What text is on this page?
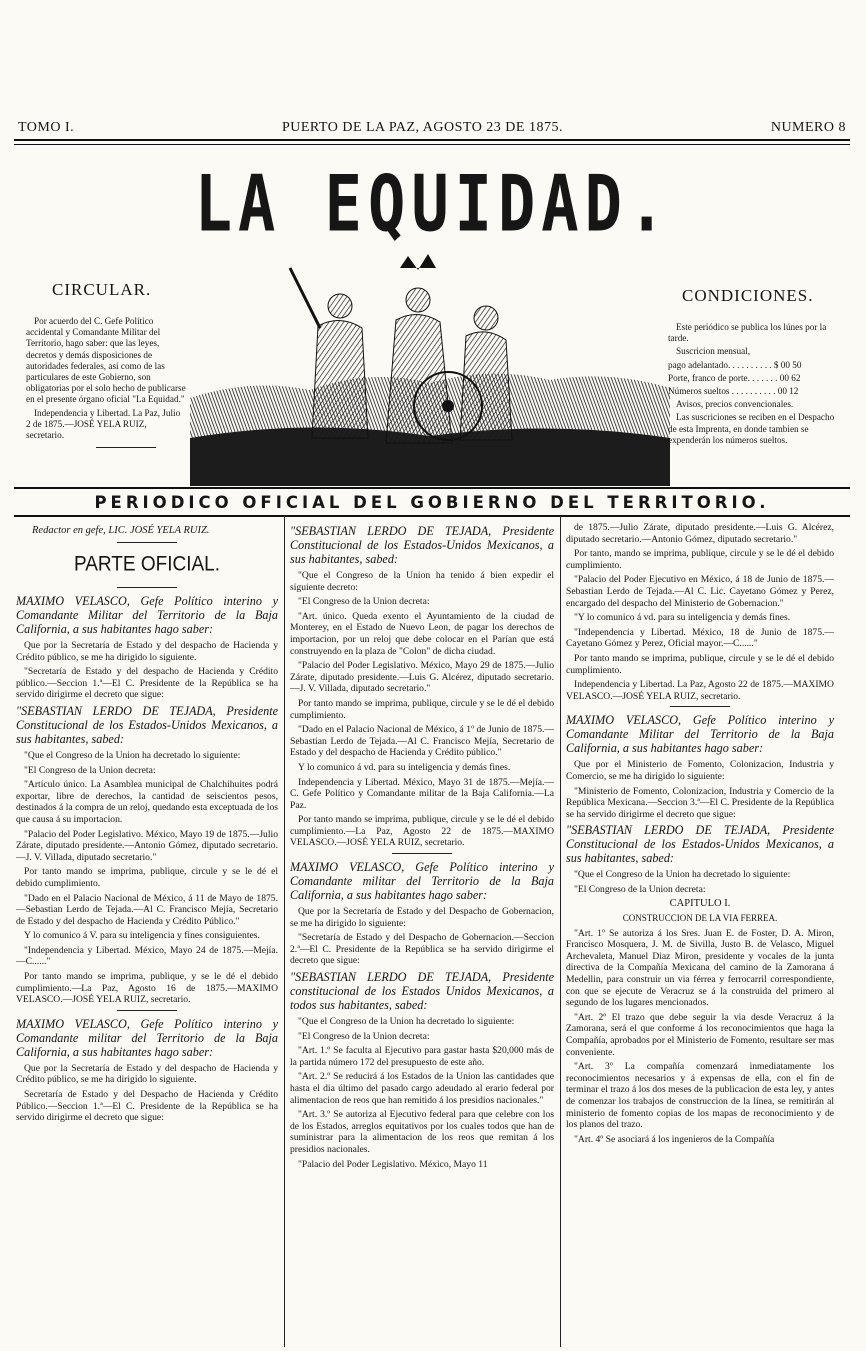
TOMO I.	PUERTO DE LA PAZ, AGOSTO 23 DE 1875.	NUMERO 8
LA EQUIDAD.
CIRCULAR.

Por acuerdo del C. Gefe Político accidental y Comandante Militar del Territorio, hago saber: que las leyes, decretos y demás disposiciones de autoridades federales, así como de las particulares de este Gobierno, son obligatorias por el solo hecho de publicarse en el presente órgano oficial "La Equidad."

Independencia y Libertad. La Paz, Julio 2 de 1875.—JOSÉ YELA RUIZ, secretario.

CONDICIONES.

Este periódico se publica los lúnes por la tarde.

Suscricion mensual,

pago adelantado. . . . . . . . . . $ 00 50

Porte, franco de porte. . . . . . . 00 62

Números sueltos . . . . . . . . . . 00 12

Avisos, precios convencionales.

Las suscriciones se reciben en el Despacho de esta Imprenta, en donde tambien se expenderán los números sueltos.

PERIODICO OFICIAL DEL GOBIERNO DEL TERRITORIO.

Redactor en gefe, LIC. JOSÉ YELA RUIZ.

PARTE OFICIAL.

MAXIMO VELASCO, Gefe Político interino y Comandante Militar del Territorio de la Baja California, a sus habitantes hago saber:

Que por la Secretaría de Estado y del despacho de Hacienda y Crédito público, se me ha dirigido lo siguiente.

"Secretaría de Estado y del despacho de Hacienda y Crédito público.—Seccion 1.ª—El C. Presidente de la República se ha servido dirigirme el decreto que sigue:

"SEBASTIAN LERDO DE TEJADA, Presidente Constitucional de los Estados-Unidos Mexicanos, a sus habitantes, sabed:

"Que el Congreso de la Union ha decretado lo siguiente:

"El Congreso de la Union decreta:

"Artículo único. La Asamblea municipal de Chalchihuites podrá exportar, libre de derechos, la cantidad de seiscientos pesos, destinados á la compra de un reloj, quedando esta exceptuada de los que causa á su importacion.

"Palacio del Poder Legislativo. México, Mayo 19 de 1875.—Julio Zárate, diputado presidente.—Antonio Gómez, diputado secretario.—J. V. Villada, diputado secretario."

Por tanto mando se imprima, publique, circule y se le dé el debido cumplimiento.

"Dado en el Palacio Nacional de México, á 11 de Mayo de 1875.—Sebastian Lerdo de Tejada.—Al C. Francisco Mejía, Secretario de Estado y del despacho de Hacienda y Crédito Público."

Y lo comunico á V. para su inteligencia y fines consiguientes.

"Independencia y Libertad. México, Mayo 24 de 1875.—Mejía.—C......"

Por tanto mando se imprima, publique, y se le dé el debido cumplimiento.—La Paz, Agosto 16 de 1875.—MAXIMO VELASCO.—JOSÉ YELA RUIZ, secretario.

MAXIMO VELASCO, Gefe Político interino y Comandante militar del Territorio de la Baja California, a sus habitantes hago saber:

Que por la Secretaría de Estado y del despacho de Hacienda y Crédito público, se me ha dirigido lo siguiente.

Secretaría de Estado y del Despacho de Hacienda y Crédito Público.—Seccion 1.ª—El C. Presidente de la República se ha servido dirigirme el decreto que sigue:

"SEBASTIAN LERDO DE TEJADA, Presidente Constitucional de los Estados-Unidos Mexicanos, a sus habitantes, sabed:

"Que el Congreso de la Union ha tenido á bien expedir el siguiente decreto:

"El Congreso de la Union decreta:

"Art. único. Queda exento el Ayuntamiento de la ciudad de Monterey, en el Estado de Nuevo Leon, de pagar los derechos de importacion, por un reloj que debe colocar en el Parían que está construyendo en la plaza de "Colon" de dicha ciudad.

"Palacio del Poder Legislativo. México, Mayo 29 de 1875.—Julio Zárate, diputado presidente.—Luis G. Alcérez, diputado secretario.—J. V. Villada, diputado secretario."

Por tanto mando se imprima, publique, circule y se le dé el debido cumplimiento.

"Dado en el Palacio Nacional de México, á 1º de Junio de 1875.—Sebastian Lerdo de Tejada.—Al C. Francisco Mejía, Secretario de Estado y del despacho de Hacienda y Crédito público."

Y lo comunico á vd. para su inteligencia y demás fines.

Independencia y Libertad. México, Mayo 31 de 1875.—Mejía.—C. Gefe Político y Comandante militar de la Baja California.—La Paz.

Por tanto mando se imprima, publique, circule y se le dé el debido cumplimiento.—La Paz, Agosto 22 de 1875.—MAXIMO VELASCO.—JOSÉ YELA RUIZ, secretario.

MAXIMO VELASCO, Gefe Político interino y Comandante militar del Territorio de la Baja California, a sus habitantes hago saber:

Que por la Secretaría de Estado y del Despacho de Gobernacion, se me ha dirigido lo siguiente:

"Secretaría de Estado y del Despacho de Gobernacion.—Seccion 2.ª—El C. Presidente de la República se ha servido dirigirme el decreto que sigue:

"SEBASTIAN LERDO DE TEJADA, Presidente constitucional de los Estados Unidos Mexicanos, a todos sus habitantes, sabed:

"Que el Congreso de la Union ha decretado lo siguiente:

"El Congreso de la Union decreta:

"Art. 1.º Se faculta al Ejecutivo para gastar hasta $20,000 más de la partida número 172 del presupuesto de este año.

"Art. 2.º Se reducirá á los Estados de la Union las cantidades que hasta el dia último del pasado cargo adeudado al erario federal por alimentacion de reos que han remitido á los presidios nacionales."

"Art. 3.º Se autoriza al Ejecutivo federal para que celebre con los de los Estados, arreglos equitativos por los cuales todos que han de suministrar para la alimentacion de los reos que remitan á los presidios nacionales.

"Palacio del Poder Legislativo. México, Mayo 11

de 1875.—Julio Zárate, diputado presidente.—Luis G. Alcérez, diputado secretario.—Antonio Gómez, diputado secretario."

Por tanto, mando se imprima, publique, circule y se le dé el debido cumplimiento.

"Palacio del Poder Ejecutivo en México, á 18 de Junio de 1875.—Sebastian Lerdo de Tejada.—Al C. Lic. Cayetano Gómez y Perez, encargado del despacho del Ministerio de Gobernacion."

"Y lo comunico á vd. para su inteligencia y demás fines.

"Independencia y Libertad. México, 18 de Junio de 1875.—Cayetano Gómez y Perez, Oficial mayor.—C......"

Por tanto mando se imprima, publique, circule y se le dé el debido cumplimiento.

Independencia y Libertad. La Paz, Agosto 22 de 1875.—MAXIMO VELASCO.—JOSÉ YELA RUIZ, secretario.

MAXIMO VELASCO, Gefe Político interino y Comandante Militar del Territorio de la Baja California, a sus habitantes hago saber:

Que por el Ministerio de Fomento, Colonizacion, Industria y Comercio, se me ha dirigido lo siguiente:

"Ministerio de Fomento, Colonizacion, Industria y Comercio de la República Mexicana.—Seccion 3.ª—El C. Presidente de la República se ha servido dirigirme el decreto que sigue:

"SEBASTIAN LERDO DE TEJADA, Presidente Constitucional de los Estados-Unidos Mexicanos, a sus habitantes, sabed:

"Que el Congreso de la Union ha decretado lo siguiente:

"El Congreso de la Union decreta:

CAPITULO I.

CONSTRUCCION DE LA VIA FERREA.

"Art. 1º Se autoriza á los Sres. Juan E. de Foster, D. A. Miron, Francisco Mosquera, J. M. de Sivilla, Justo B. de Velasco, Miguel Archevaleta, Manuel Diaz Miron, presidente y vocales de la junta directiva de la Compañía Mexicana del camino de la Zamorana á Medellin, para construir un via férrea y ferrocarril correspondiente, con que se ejecute de Veracruz se á la construida del primero al segundo de los lugares mencionados.

"Art. 2º El trazo que debe seguir la via desde Veracruz á la Zamorana, será el que conforme á los reconocimientos que haga la Compañía, aprobados por el Ministerio de Fomento, resultare ser mas conveniente.

"Art. 3º La compañía comenzará inmediatamente los reconocimientos necesarios y á expensas de ella, con el fin de terminar el trazo á los dos meses de la publicacion de esta ley, y antes de comenzar los trabajos de construccion de la línea, se remitirán al ministerio de fomento copias de los mapas de reconocimiento y de los planos del trazo.

"Art. 4º Se asociará á los ingenieros de la Compañía
